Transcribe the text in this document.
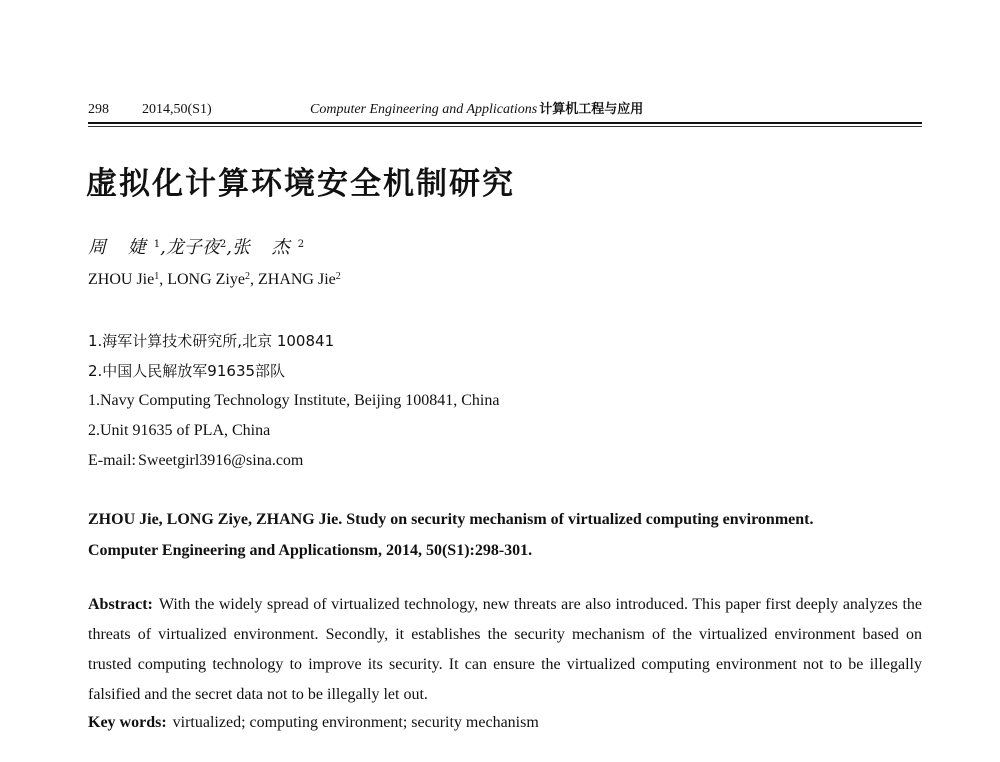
298 2014,50(S1)	Computer Engineering and Applications 计算机工程与应用
虚拟化计算环境安全机制研究
周 婕$^1$,龙子夜$^2$,张 杰$^2$
ZHOU Jie$^1$, LONG Ziye$^2$, ZHANG Jie$^2$
1.海军计算技术研究所,北京 100841
2.中国人民解放军91635部队
1.Navy Computing Technology Institute, Beijing 100841, China
2.Unit 91635 of PLA, China
E-mail: Sweetgirl3916@sina.com

ZHOU Jie, LONG Ziye, ZHANG Jie. Study on security mechanism of virtualized computing environment.

Computer Engineering and Applicationsm, 2014, 50(S1):298-301.

Abstract: With the widely spread of virtualized technology, new threats are also introduced. This paper first deeply analyzes the threats of virtualized environment. Secondly, it establishes the security mechanism of the virtualized environment based on trusted computing technology to improve its security. It can ensure the virtualized computing environment not to be illegally falsified and the secret data not to be illegally let out.

Key words: virtualized; computing environment; security mechanism
